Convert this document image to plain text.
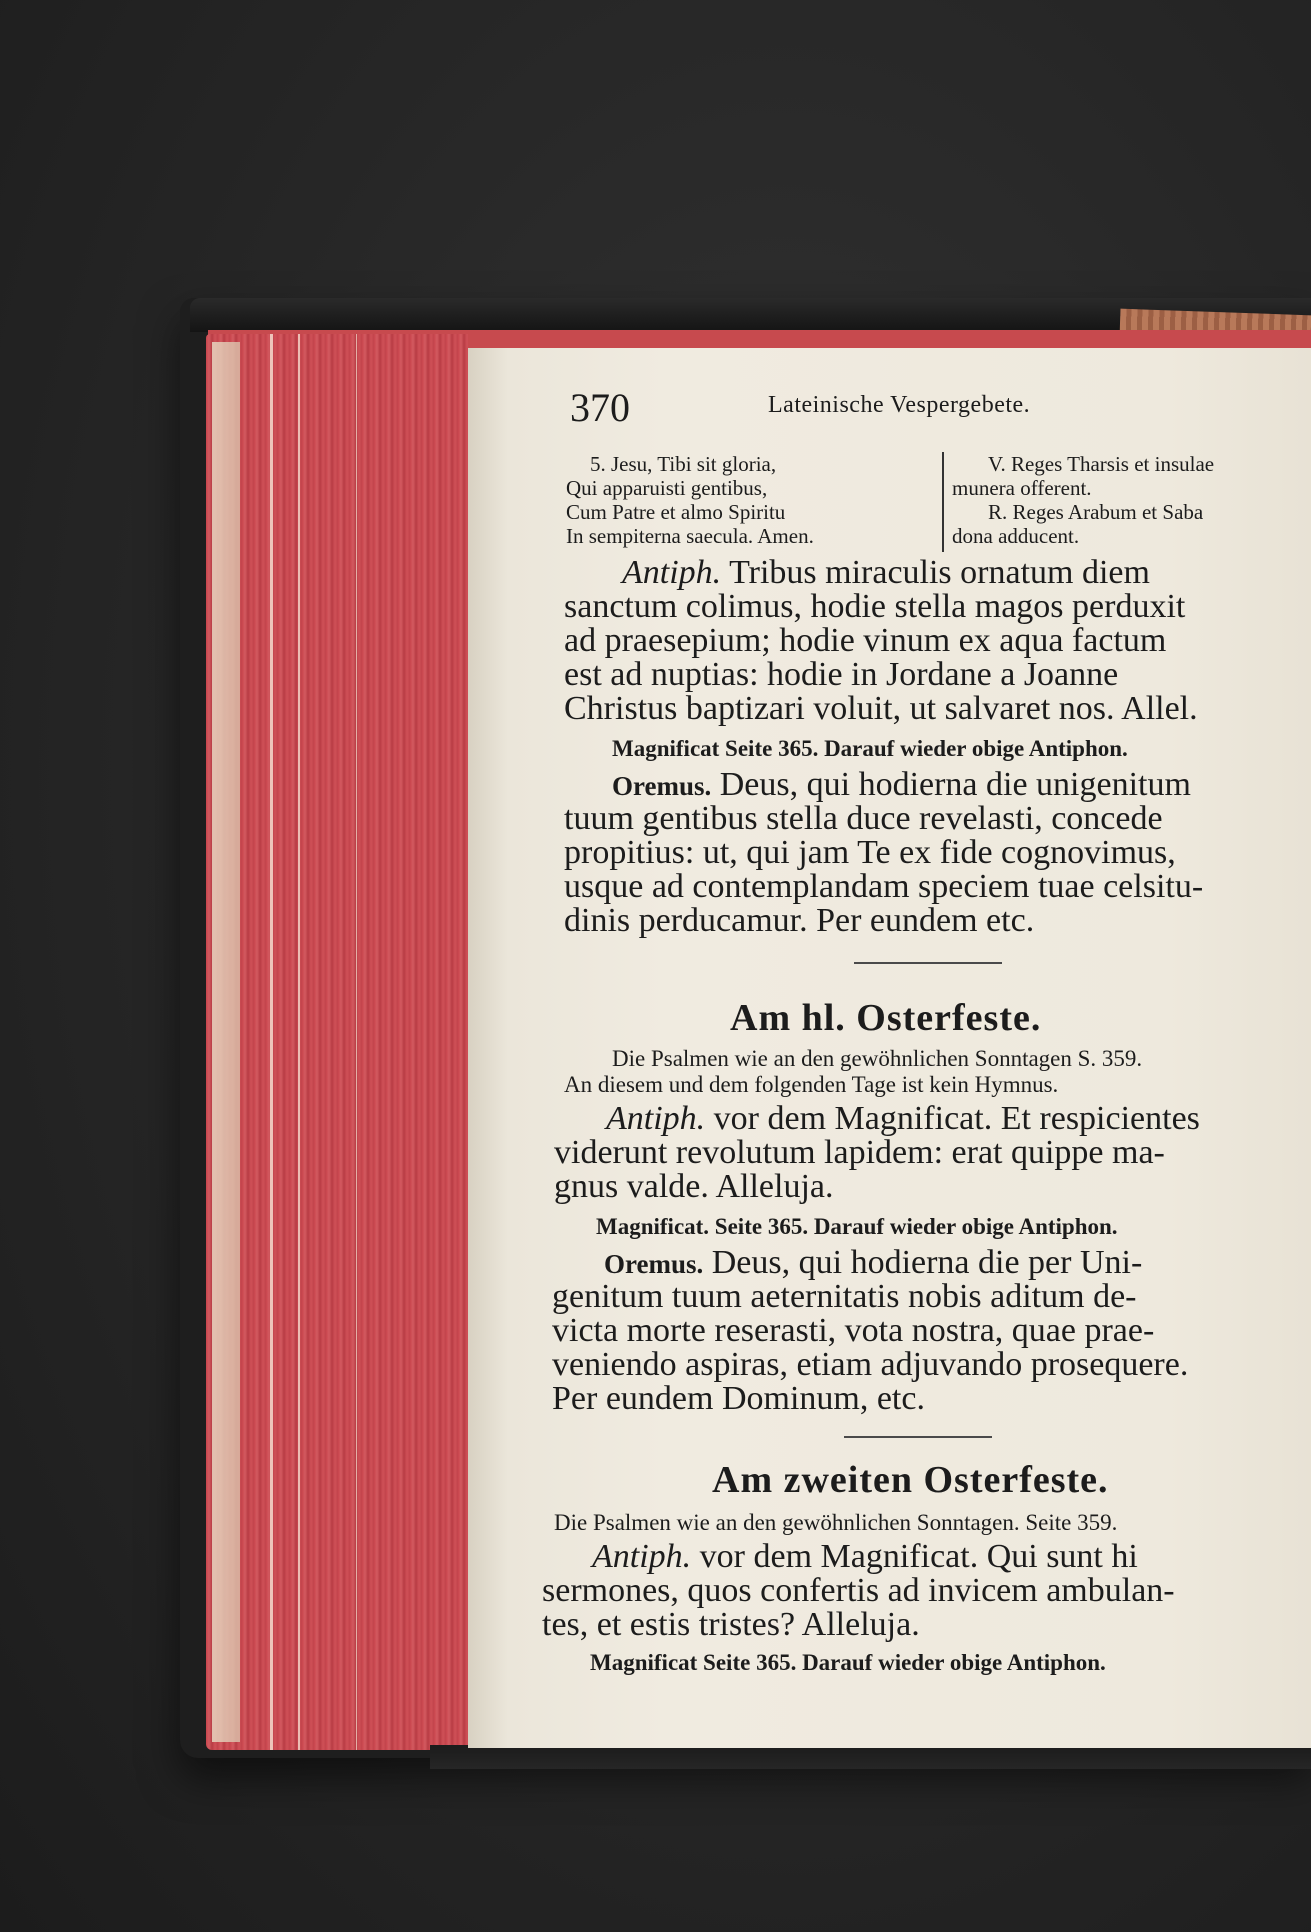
370	Lateinische Vespergebete.
5. Jesu, Tibi sit gloria,
Qui apparuisti gentibus,
Cum Patre et almo Spiritu
In sempiterna saecula. Amen.
V. Reges Tharsis et insulae
munera offerent.
R. Reges Arabum et Saba
dona adducent.
Antiph. Tribus miraculis ornatum diem
sanctum colimus, hodie stella magos perduxit
ad praesepium; hodie vinum ex aqua factum
est ad nuptias: hodie in Jordane a Joanne
Christus baptizari voluit, ut salvaret nos. Allel.
Magnificat Seite 365. Darauf wieder obige Antiphon.
Oremus. Deus, qui hodierna die unigenitum
tuum gentibus stella duce revelasti, concede
propitius: ut, qui jam Te ex fide cognovimus,
usque ad contemplandam speciem tuae celsitu-
dinis perducamur. Per eundem etc.
Am hl. Osterfeste.
Die Psalmen wie an den gewöhnlichen Sonntagen S. 359.
An diesem und dem folgenden Tage ist kein Hymnus.
Antiph. vor dem Magnificat. Et respicientes
viderunt revolutum lapidem: erat quippe ma-
gnus valde. Alleluja.
Magnificat. Seite 365. Darauf wieder obige Antiphon.
Oremus. Deus, qui hodierna die per Uni-
genitum tuum aeternitatis nobis aditum de-
victa morte reserasti, vota nostra, quae prae-
veniendo aspiras, etiam adjuvando prosequere.
Per eundem Dominum, etc.
Am zweiten Osterfeste.
Die Psalmen wie an den gewöhnlichen Sonntagen. Seite 359.
Antiph. vor dem Magnificat. Qui sunt hi
sermones, quos confertis ad invicem ambulan-
tes, et estis tristes? Alleluja.
Magnificat Seite 365. Darauf wieder obige Antiphon.
